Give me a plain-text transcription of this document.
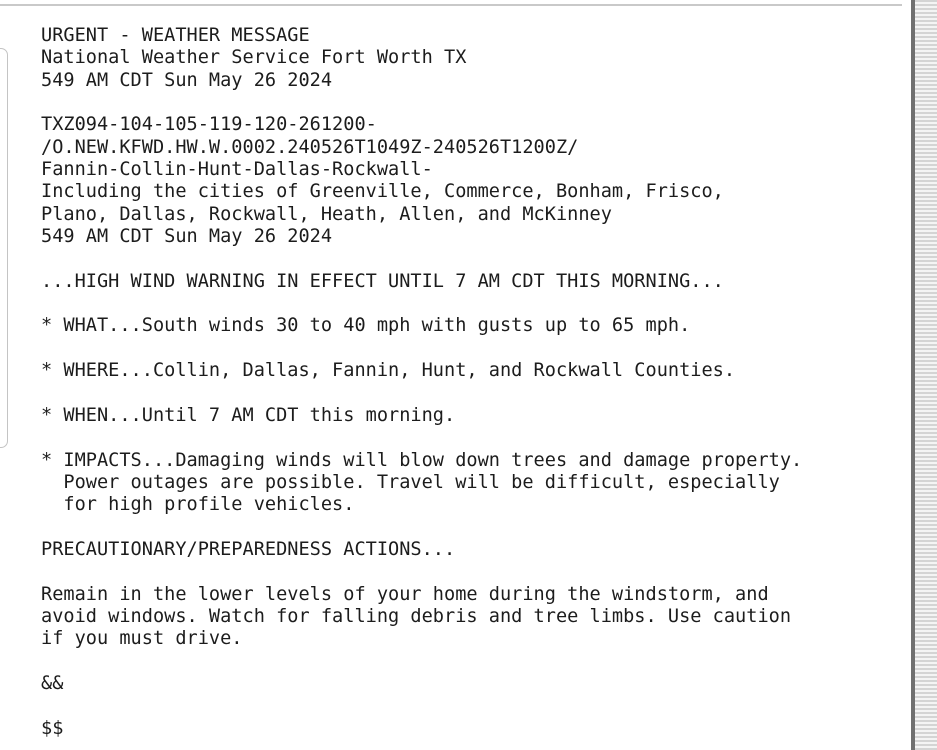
URGENT - WEATHER MESSAGE
National Weather Service Fort Worth TX
549 AM CDT Sun May 26 2024
TXZ094-104-105-119-120-261200-
/O.NEW.KFWD.HW.W.0002.240526T1049Z-240526T1200Z/
Fannin-Collin-Hunt-Dallas-Rockwall-
Including the cities of Greenville, Commerce, Bonham, Frisco,
Plano, Dallas, Rockwall, Heath, Allen, and McKinney
549 AM CDT Sun May 26 2024
...HIGH WIND WARNING IN EFFECT UNTIL 7 AM CDT THIS MORNING...
* WHAT...South winds 30 to 40 mph with gusts up to 65 mph.
* WHERE...Collin, Dallas, Fannin, Hunt, and Rockwall Counties.
* WHEN...Until 7 AM CDT this morning.
* IMPACTS...Damaging winds will blow down trees and damage property.
Power outages are possible. Travel will be difficult, especially
for high profile vehicles.
PRECAUTIONARY/PREPAREDNESS ACTIONS...
Remain in the lower levels of your home during the windstorm, and
avoid windows. Watch for falling debris and tree limbs. Use caution
if you must drive.
&&
$$
